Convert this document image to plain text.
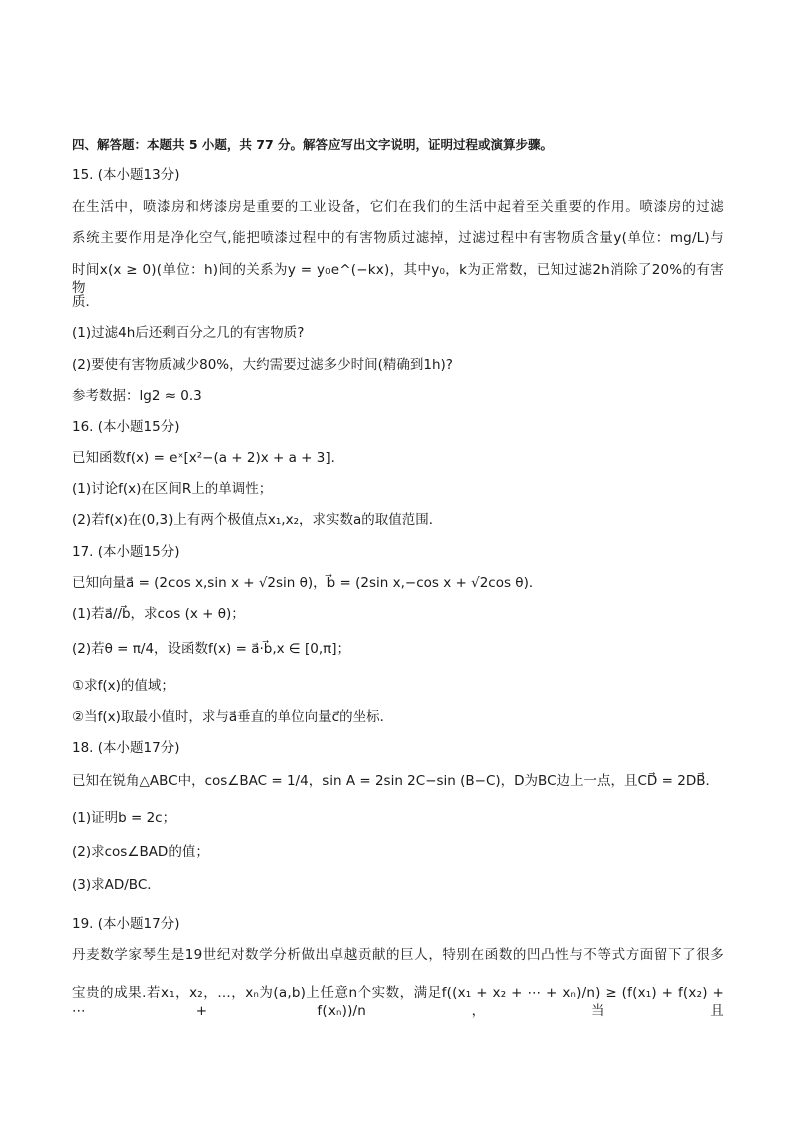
四、解答题：本题共 5 小题，共 77 分。解答应写出文字说明，证明过程或演算步骤。
15. (本小题13分)
在生活中，喷漆房和烤漆房是重要的工业设备，它们在我们的生活中起着至关重要的作用。喷漆房的过滤
系统主要作用是净化空气,能把喷漆过程中的有害物质过滤掉，过滤过程中有害物质含量y(单位：mg/L)与
时间x(x ≥ 0)(单位：h)间的关系为y = y₀e^(−kx)，其中y₀，k为正常数，已知过滤2h消除了20%的有害物
质．
(1)过滤4h后还剩百分之几的有害物质?
(2)要使有害物质减少80%，大约需要过滤多少时间(精确到1h)?
参考数据：lg2 ≈ 0.3
16. (本小题15分)
已知函数f(x) = eˣ[x²−(a + 2)x + a + 3]．
(1)讨论f(x)在区间R上的单调性；
(2)若f(x)在(0,3)上有两个极值点x₁,x₂，求实数a的取值范围．
17. (本小题15分)
已知向量a⃗ = (2cos x,sin x + √2sin θ)，b⃗ = (2sin x,−cos x + √2cos θ)．
(1)若a⃗//b⃗，求cos (x + θ)；
(2)若θ = π/4，设函数f(x) = a⃗·b⃗,x ∈ [0,π]；
①求f(x)的值域；
②当f(x)取最小值时，求与a⃗垂直的单位向量c⃗的坐标．
18. (本小题17分)
已知在锐角△ABC中，cos∠BAC = 1/4，sin A = 2sin 2C−sin (B−C)，D为BC边上一点，且CD⃗ = 2DB⃗．
(1)证明b = 2c；
(2)求cos∠BAD的值；
(3)求AD/BC．
19. (本小题17分)
丹麦数学家琴生是19世纪对数学分析做出卓越贡献的巨人，特别在函数的凹凸性与不等式方面留下了很多
宝贵的成果.若x₁，x₂，…，xₙ为(a,b)上任意n个实数，满足f((x₁ + x₂ + ⋯ + xₙ)/n) ≥ (f(x₁) + f(x₂) + ⋯ + f(xₙ))/n，当且
